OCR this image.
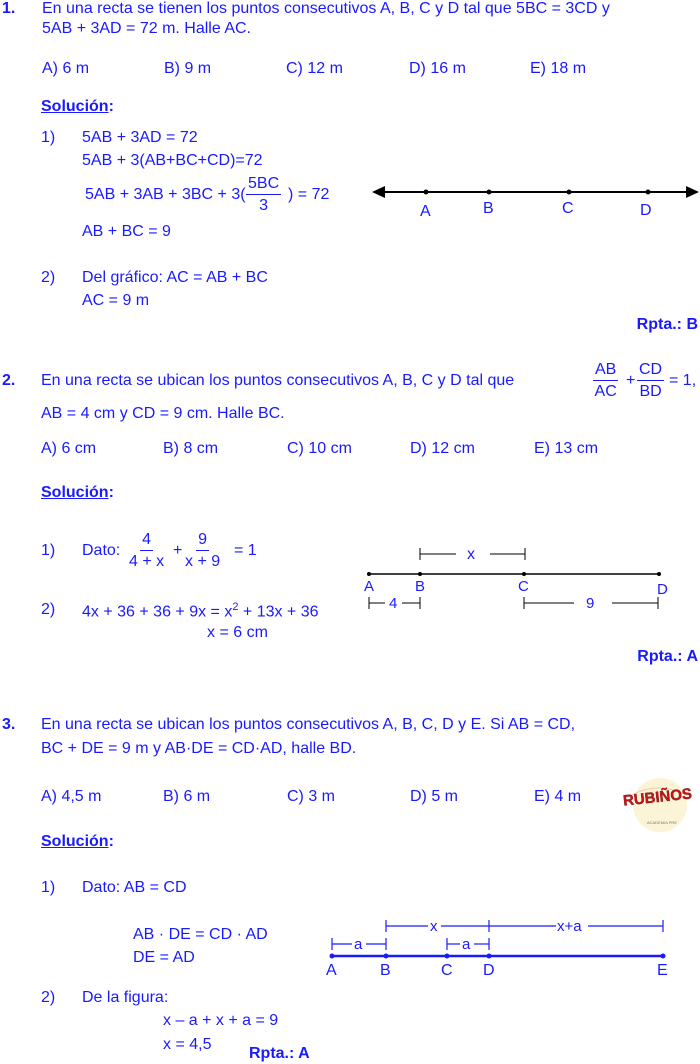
1. En una recta se tienen los puntos consecutivos A, B, C y D tal que 5BC = 3CD y
5AB + 3AD = 72 m. Halle AC.
A) 6 m	B) 9 m	C) 12 m	D) 16 m	E) 18 m
Solución:
1) 5AB + 3AD = 72
5AB + 3(AB+BC+CD)=72
$5AB + 3AB + 3BC + 3( \frac{5BC}{3}$ ) = 72
AB + BC = 9
2) Del gráfico: AC = AB + BC
AC = 9 m
Rpta.: B
A	B	C	D
2. En una recta se ubican los puntos consecutivos A, B, C y D tal que	$\frac{AB}{AC} + \frac{CD}{BD} = 1$,
AB = 4 cm y CD = 9 cm. Halle BC.
A) 6 cm	B) 8 cm	C) 10 cm	D) 12 cm	E) 13 cm
Solución:
1) Dato: $\frac{4}{4 + x} + \frac{9}{x + 9} = 1$
2) $4x + 36 + 36 + 9x = x^2 + 13x + 36$
x = 6 cm
Rpta.: A
A	B	C	D
x
4	9
3. En una recta se ubican los puntos consecutivos A, B, C, D y E. Si AB = CD,
BC + DE = 9 m y AB·DE = CD·AD, halle BD.
A) 4,5 m	B) 6 m	C) 3 m	D) 5 m	E) 4 m	RUBIÑOS
ACADEMIA PRE
Solución:
1) Dato: AB = CD
AB · DE = CD · AD
DE = AD
2) De la figura:
x – a + x + a = 9
x = 4,5
Rpta.: A
A	B	C D	E
x	x+a
a	a
